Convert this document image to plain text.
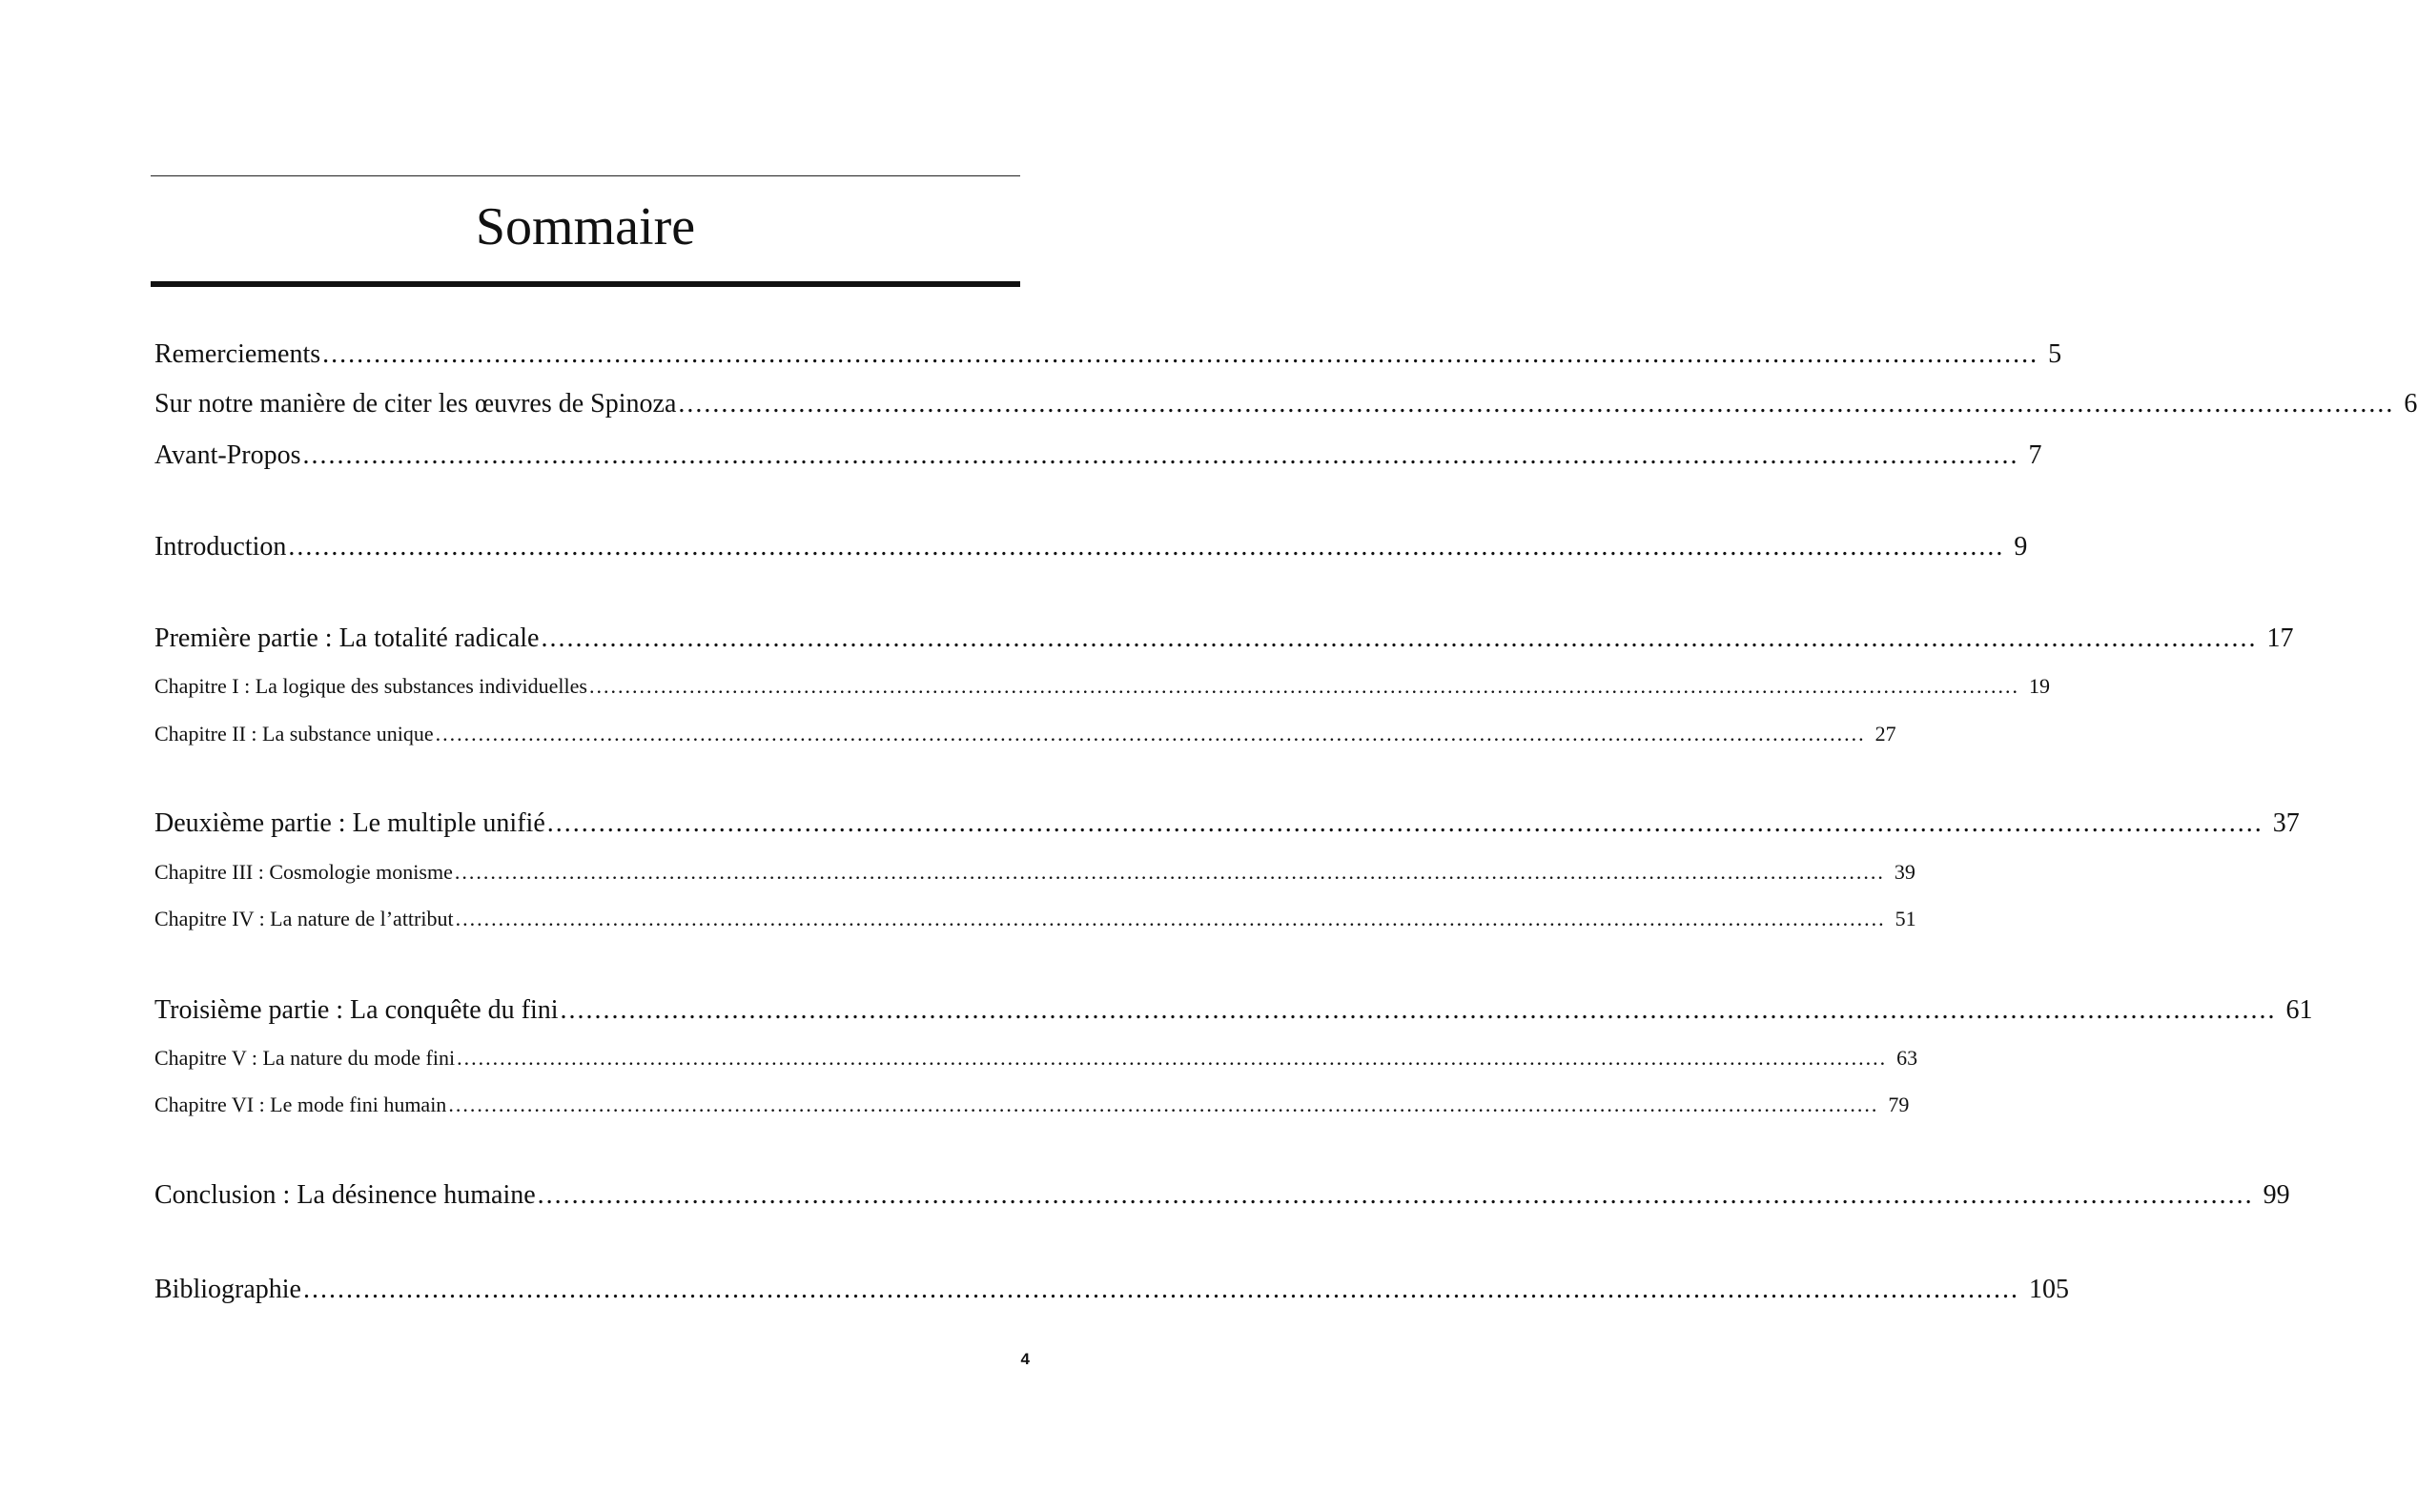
Sommaire
Remerciements ........................................................................................................................................................................................................ 5
Sur notre manière de citer les œuvres de Spinoza ........................................................................................................................................................................................................ 6
Avant-Propos ........................................................................................................................................................................................................ 7
Introduction ........................................................................................................................................................................................................ 9
Première partie : La totalité radicale ........................................................................................................................................................................................................ 17
Chapitre I : La logique des substances individuelles ........................................................................................................................................................................................................ 19
Chapitre II : La substance unique ........................................................................................................................................................................................................ 27
Deuxième partie : Le multiple unifié ........................................................................................................................................................................................................ 37
Chapitre III : Cosmologie monisme ........................................................................................................................................................................................................ 39
Chapitre IV : La nature de l’attribut ........................................................................................................................................................................................................ 51
Troisième partie : La conquête du fini ........................................................................................................................................................................................................ 61
Chapitre V : La nature du mode fini ........................................................................................................................................................................................................ 63
Chapitre VI : Le mode fini humain ........................................................................................................................................................................................................ 79
Conclusion : La désinence humaine ........................................................................................................................................................................................................ 99
Bibliographie ........................................................................................................................................................................................................ 105
4
